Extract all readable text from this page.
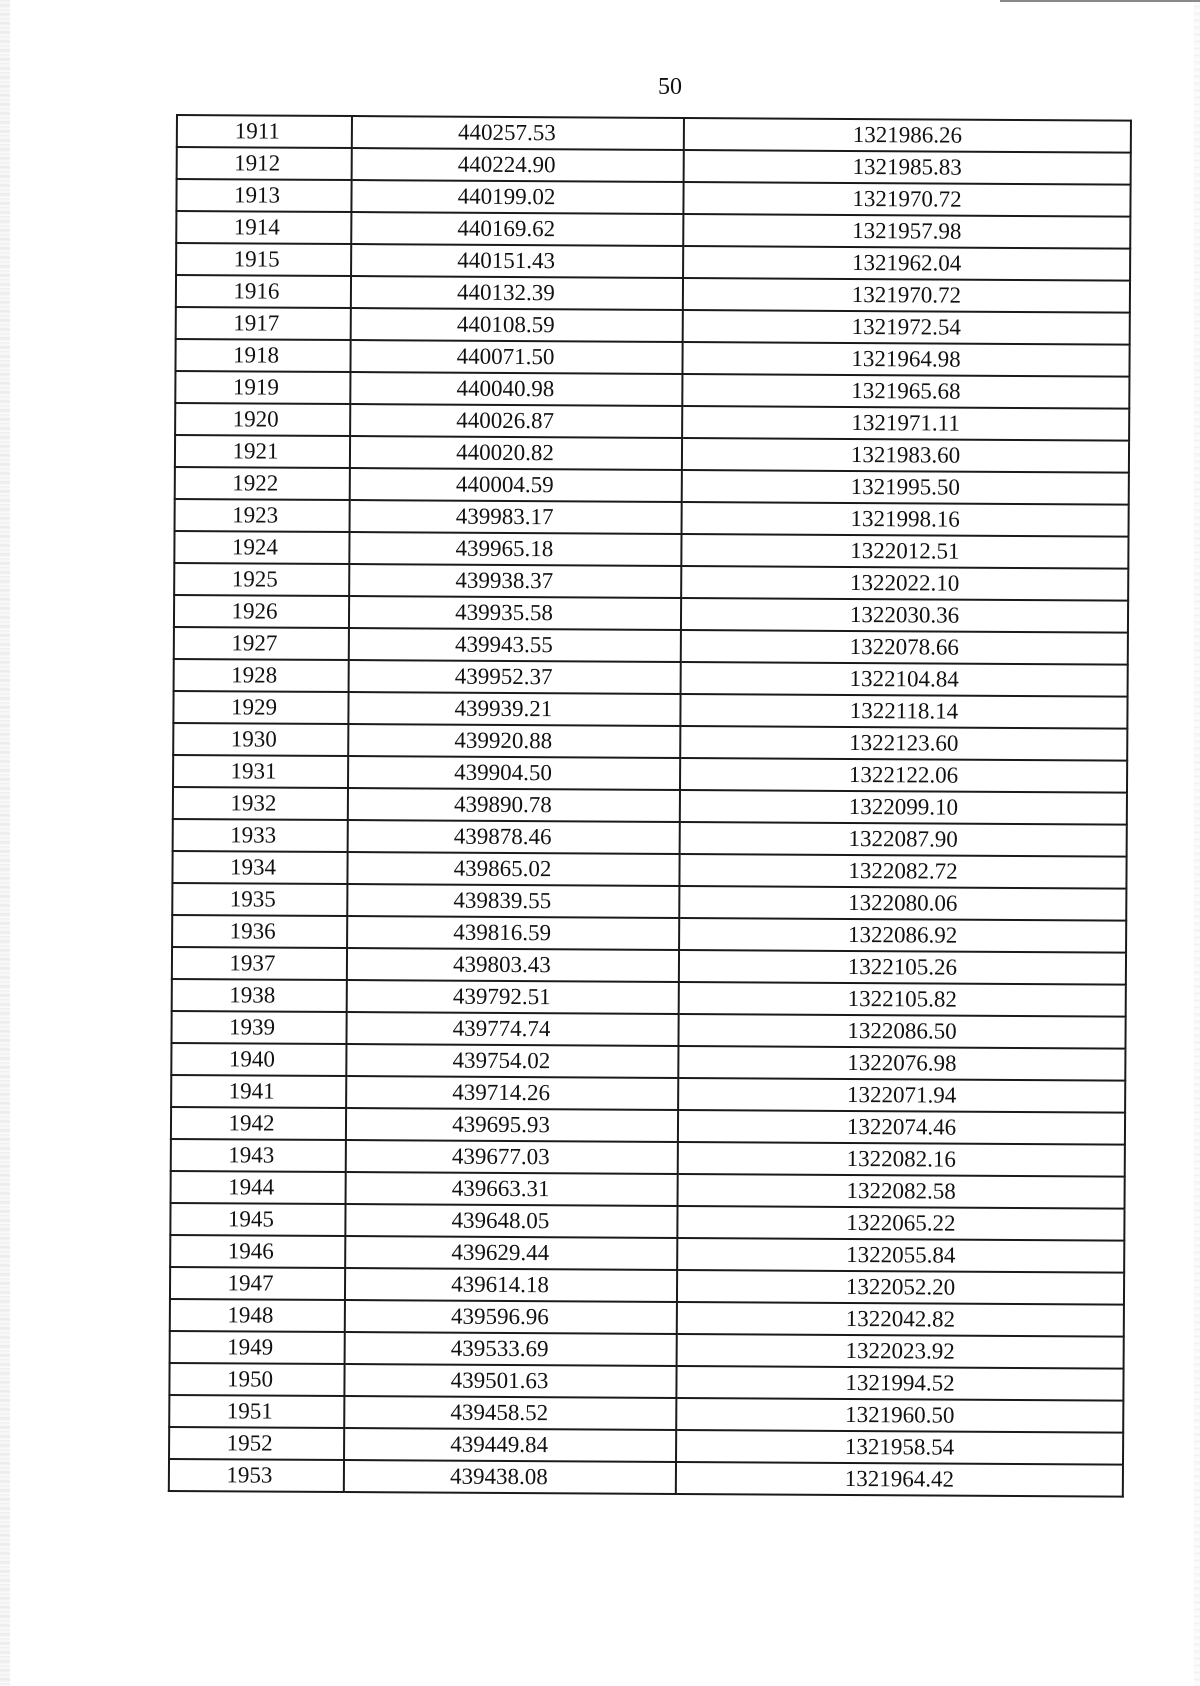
50
1911	440257.53	1321986.26
1912	440224.90	1321985.83
1913	440199.02	1321970.72
1914	440169.62	1321957.98
1915	440151.43	1321962.04
1916	440132.39	1321970.72
1917	440108.59	1321972.54
1918	440071.50	1321964.98
1919	440040.98	1321965.68
1920	440026.87	1321971.11
1921	440020.82	1321983.60
1922	440004.59	1321995.50
1923	439983.17	1321998.16
1924	439965.18	1322012.51
1925	439938.37	1322022.10
1926	439935.58	1322030.36
1927	439943.55	1322078.66
1928	439952.37	1322104.84
1929	439939.21	1322118.14
1930	439920.88	1322123.60
1931	439904.50	1322122.06
1932	439890.78	1322099.10
1933	439878.46	1322087.90
1934	439865.02	1322082.72
1935	439839.55	1322080.06
1936	439816.59	1322086.92
1937	439803.43	1322105.26
1938	439792.51	1322105.82
1939	439774.74	1322086.50
1940	439754.02	1322076.98
1941	439714.26	1322071.94
1942	439695.93	1322074.46
1943	439677.03	1322082.16
1944	439663.31	1322082.58
1945	439648.05	1322065.22
1946	439629.44	1322055.84
1947	439614.18	1322052.20
1948	439596.96	1322042.82
1949	439533.69	1322023.92
1950	439501.63	1321994.52
1951	439458.52	1321960.50
1952	439449.84	1321958.54
1953	439438.08	1321964.42
